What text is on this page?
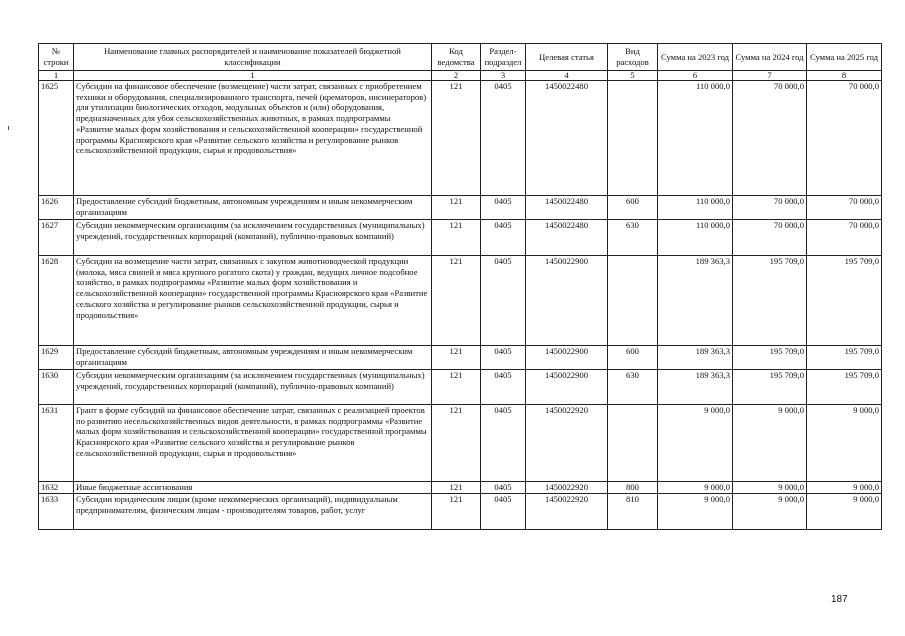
№ строки	Наименование главных распорядителей и наименование показателей бюджетной классификации	Код ведомства	Раздел-подраздел	Целевая статья	Вид расходов	Сумма на 2023 год	Сумма на 2024 год	Сумма на 2025 год
1	1	2	3	4	5	6	7	8
1625	Субсидии на финансовое обеспечение (возмещение) части затрат, связанных с приобретением техники и оборудования, специализированного транспорта, печей (крематоров, инсинераторов) для утилизации биологических отходов, модульных объектов и (или) оборудования, предназначенных для убоя сельскохозяйственных животных, в рамках подпрограммы «Развитие малых форм хозяйствования и сельскохозяйственной кооперации» государственной программы Красноярского края «Развитие сельского хозяйства и регулирование рынков сельскохозяйственной продукции, сырья и продовольствия»	121	0405	1450022480		110 000,0	70 000,0	70 000,0
1626	Предоставление субсидий бюджетным, автономным учреждениям и иным некоммерческим организациям	121	0405	1450022480	600	110 000,0	70 000,0	70 000,0
1627	Субсидии некоммерческим организациям (за исключением государственных (муниципальных) учреждений, государственных корпораций (компаний), публично-правовых компаний)	121	0405	1450022480	630	110 000,0	70 000,0	70 000,0
1628	Субсидии на возмещение части затрат, связанных с закупом животноводческой продукции (молока, мяса свиней и мяса крупного рогатого скота) у граждан, ведущих личное подсобное хозяйство, в рамках подпрограммы «Развитие малых форм хозяйствования и сельскохозяйственной кооперации» государственной программы Красноярского края «Развитие сельского хозяйства и регулирование рынков сельскохозяйственной продукции, сырья и продовольствия»	121	0405	1450022900		189 363,3	195 709,0	195 709,0
1629	Предоставление субсидий бюджетным, автономным учреждениям и иным некоммерческим организациям	121	0405	1450022900	600	189 363,3	195 709,0	195 709,0
1630	Субсидии некоммерческим организациям (за исключением государственных (муниципальных) учреждений, государственных корпораций (компаний), публично-правовых компаний)	121	0405	1450022900	630	189 363,3	195 709,0	195 709,0
1631	Грант в форме субсидий на финансовое обеспечение затрат, связанных с реализацией проектов по развитию несельскохозяйственных видов деятельности, в рамках подпрограммы «Развитие малых форм хозяйствования и сельскохозяйственной кооперации» государственной программы Красноярского края «Развитие сельского хозяйства и регулирование рынков сельскохозяйственной продукции, сырья и продовольствия»	121	0405	1450022920		9 000,0	9 000,0	9 000,0
1632	Иные бюджетные ассигнования	121	0405	1450022920	800	9 000,0	9 000,0	9 000,0
1633	Субсидии юридическим лицам (кроме некоммерческих организаций), индивидуальным предпринимателям, физическим лицам - производителям товаров, работ, услуг	121	0405	1450022920	810	9 000,0	9 000,0	9 000,0
187
